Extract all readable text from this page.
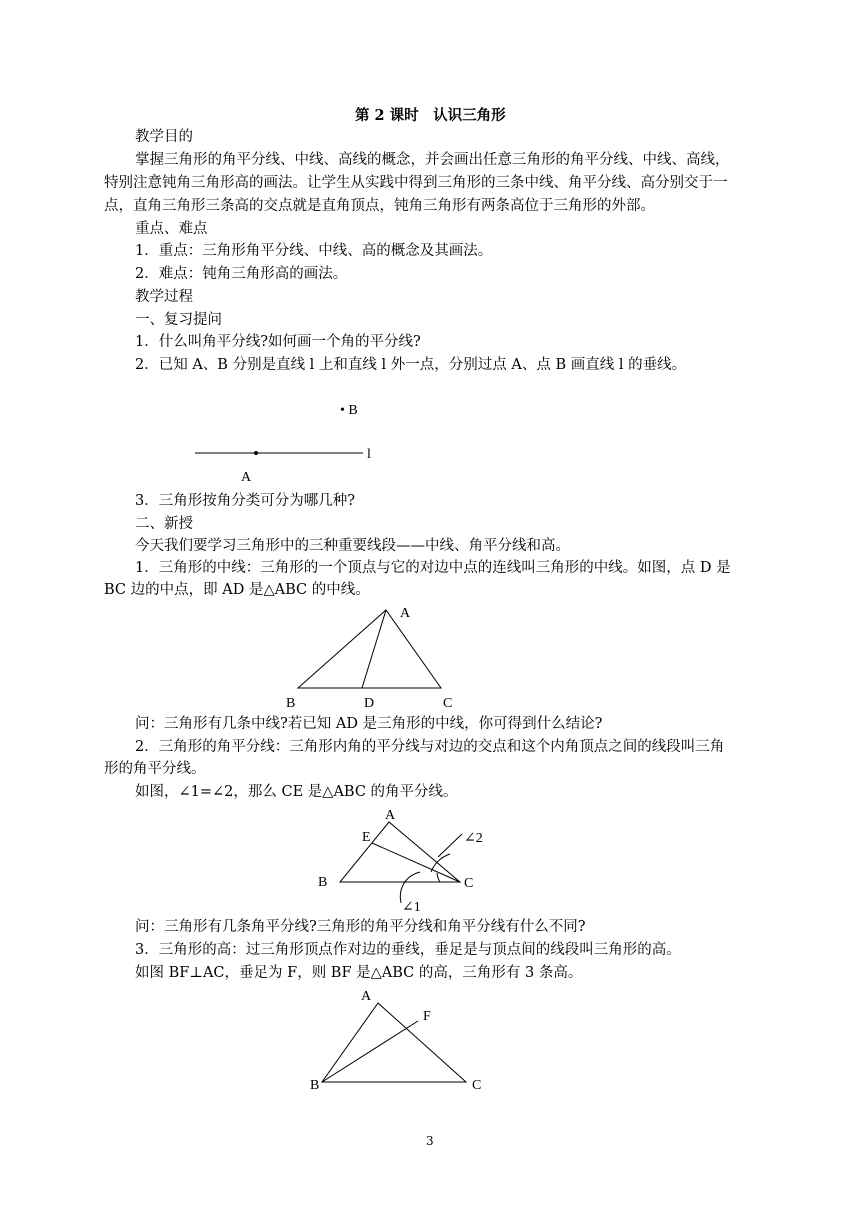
第 2 课时　认识三角形
教学目的
掌握三角形的角平分线、中线、高线的概念，并会画出任意三角形的角平分线、中线、高线，
特别注意钝角三角形高的画法。让学生从实践中得到三角形的三条中线、角平分线、高分别交于一
点，直角三角形三条高的交点就是直角顶点，钝角三角形有两条高位于三角形的外部。
重点、难点
1．重点：三角形角平分线、中线、高的概念及其画法。
2．难点：钝角三角形高的画法。
教学过程
一、复习提问
1．什么叫角平分线?如何画一个角的平分线?
2．已知 A、B 分别是直线 l 上和直线 l 外一点，分别过点 A、点 B 画直线 l 的垂线。
• B
l
A
3．三角形按角分类可分为哪几种?
二、新授
今天我们要学习三角形中的三种重要线段——中线、角平分线和高。
1．三角形的中线：三角形的一个顶点与它的对边中点的连线叫三角形的中线。如图，点 D 是
BC 边的中点，即 AD 是△ABC 的中线。
A
B	D	C
问：三角形有几条中线?若已知 AD 是三角形的中线，你可得到什么结论?
2．三角形的角平分线：三角形内角的平分线与对边的交点和这个内角顶点之间的线段叫三角
形的角平分线。
如图，∠1=∠2，那么 CE 是△ABC 的角平分线。
A
E	∠2
B	C
∠1
问：三角形有几条角平分线?三角形的角平分线和角平分线有什么不同?
3．三角形的高：过三角形顶点作对边的垂线，垂足是与顶点间的线段叫三角形的高。
如图 BF⊥AC，垂足为 F，则 BF 是△ABC 的高，三角形有 3 条高。
A
F
B	C
3
